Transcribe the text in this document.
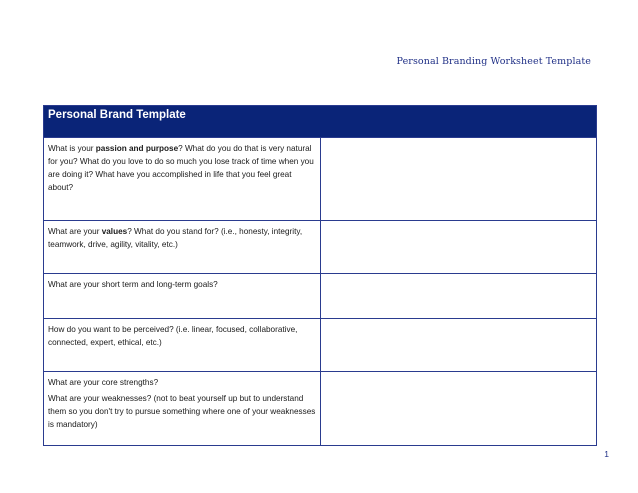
Personal Branding Worksheet Template
Personal Brand Template	

What is your passion and purpose? What do you do that is very natural for you? What do you love to do so much you lose track of time when you are doing it? What have you accomplished in life that you feel great about?	

What are your values? What do you stand for? (i.e., honesty, integrity, teamwork, drive, agility, vitality, etc.)	

What are your short term and long-term goals?	

How do you want to be perceived? (i.e. linear, focused, collaborative, connected, expert, ethical, etc.)	

What are your core strengths?

What are your weaknesses? (not to beat yourself up but to understand them so you don't try to pursue something where one of your weaknesses is mandatory)	

1
